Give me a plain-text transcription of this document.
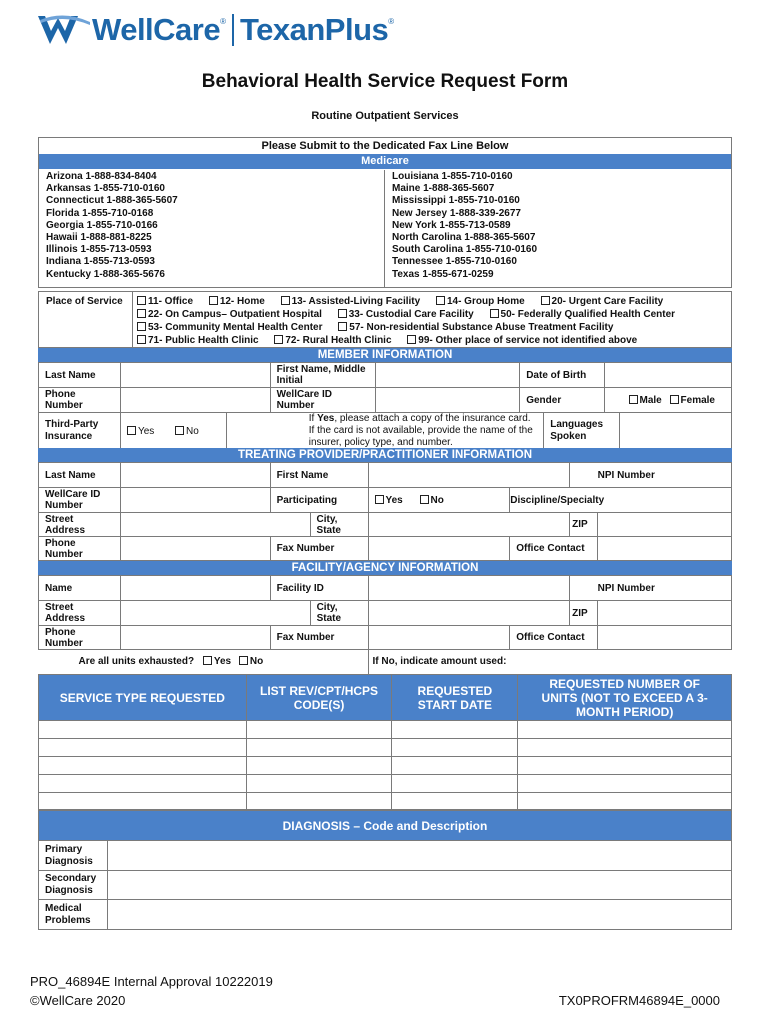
WellCare ® TexanPlus ®
Behavioral Health Service Request Form
Routine Outpatient Services
Please Submit to the Dedicated Fax Line Below
Medicare
Arizona 1-888-834-8404
Arkansas 1-855-710-0160
Connecticut 1-888-365-5607
Florida 1-855-710-0168
Georgia 1-855-710-0166
Hawaii 1-888-881-8225
Illinois 1-855-713-0593
Indiana 1-855-713-0593
Kentucky 1-888-365-5676
Louisiana 1-855-710-0160
Maine 1-888-365-5607
Mississippi 1-855-710-0160
New Jersey 1-888-339-2677
New York 1-855-713-0589
North Carolina 1-888-365-5607
South Carolina 1-855-710-0160
Tennessee 1-855-710-0160
Texas 1-855-671-0259
Place of Service	11- Office	12- Home	13- Assisted-Living Facility	14- Group Home	20- Urgent Care Facility
22- On Campus– Outpatient Hospital	33- Custodial Care Facility	50- Federally Qualified Health Center
53- Community Mental Health Center	57- Non-residential Substance Abuse Treatment Facility
71- Public Health Clinic	72- Rural Health Clinic	99- Other place of service not identified above
MEMBER INFORMATION
Last Name		First Name, Middle Initial		Date of Birth	
Phone Number		WellCare ID Number		Gender	Male Female
Third-Party Insurance	Yes	No	If Yes, please attach a copy of the insurance card. If the card is not available, provide the name of the insurer, policy type, and number.	Languages Spoken	
TREATING PROVIDER/PRACTITIONER INFORMATION
Last Name		First Name					NPI Number
WellCare ID Number		Participating		Yes No	Discipline/Specialty		
Street Address			City, State			ZIP	
Phone Number		Fax Number			Office Contact		
FACILITY/AGENCY INFORMATION
Name		Facility ID					NPI Number
Street Address			City, State			ZIP	
Phone Number		Fax Number			Office Contact		
Are all units exhausted? Yes No				If No, indicate amount used:			
SERVICE TYPE REQUESTED	LIST REV/CPT/HCPS CODE(S)	REQUESTED START DATE	REQUESTED NUMBER OF UNITS (NOT TO EXCEED A 3-MONTH PERIOD)

DIAGNOSIS – Code and Description	
Primary Diagnosis	
Secondary Diagnosis	
Medical Problems	
PRO_46894E Internal Approval 10222019
©WellCare 2020	TX0PROFRM46894E_0000
